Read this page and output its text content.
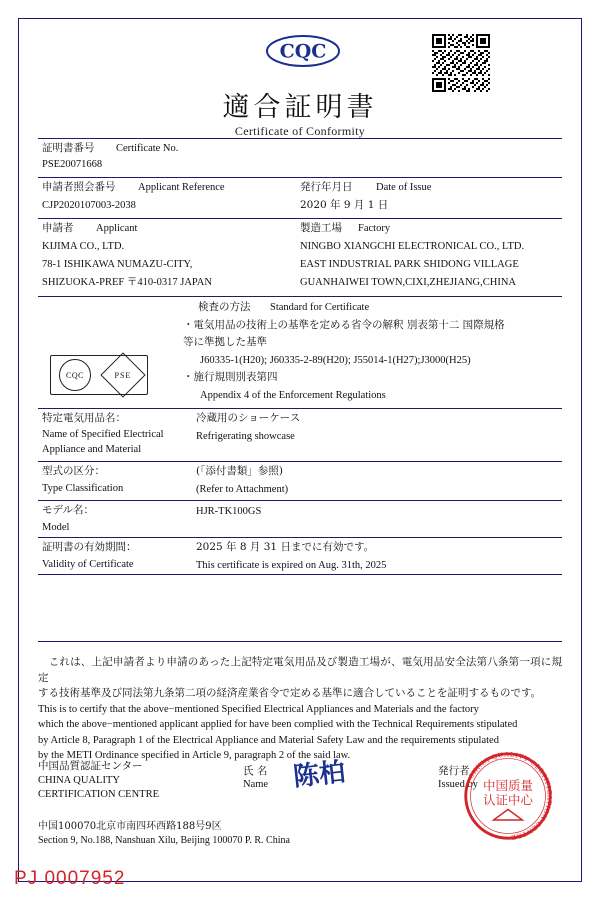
CQC
適合証明書
Certificate of Conformity
証明書番号 Certificate No.
PSE20071668
申請者照会番号 Applicant Reference
CJP2020107003-2038
発行年月日 Date of Issue
2020 年 9 月 1 日
申請者 Applicant
KIJIMA CO., LTD.
78-1 ISHIKAWA NUMAZU-CITY,
SHIZUOKA-PREF 〒410-0317 JAPAN
製造工場 Factory
NINGBO XIANGCHI ELECTRONICAL CO., LTD.
EAST INDUSTRIAL PARK SHIDONG VILLAGE
GUANHAIWEI TOWN,CIXI,ZHEJIANG,CHINA
検査の方法 Standard for Certificate
・電気用品の技術上の基準を定める省令の解釈 別表第十二 国際規格
等に準拠した基準
J60335-1(H20); J60335-2-89(H20); J55014-1(H27);J3000(H25)
・施行規則別表第四
Appendix 4 of the Enforcement Regulations
CQC	PSE
特定電気用品名：
Name of Specified Electrical
Appliance and Material
冷蔵用のショーケース
Refrigerating showcase
型式の区分：
Type Classification
(「添付書類」参照)
(Refer to Attachment)
モデル名：
Model
HJR-TK100GS
証明書の有効期間：
Validity of Certificate
2025 年 8 月 31 日までに有効です。
This certificate is expired on Aug. 31th, 2025
　これは、上記申請者より申請のあった上記特定電気用品及び製造工場が、電気用品安全法第八条第一項に規定
する技術基準及び同法第九条第二項の経済産業省令で定める基準に適合していることを証明するものです。
This is to certify that the above−mentioned Specified Electrical Appliances and Materials and the factory
which the above−mentioned applicant applied for have been complied with the Technical Requirements stipulated
by Article 8, Paragraph 1 of the Electrical Appliance and Material Safety Law and the requirements stipulated
by the METI Ordinance specified in Article 9, paragraph 2 of the said law.
中国品質認証センター
CHINA QUALITY
CERTIFICATION CENTRE
氏 名
Name 陈柏	発行者
Issued by
CHINA QUALITY CERTIFICATION CENTRE
中国质量
认证中心
中国100070北京市南四环西路188号9区
Section 9, No.188, Nanshuan Xilu, Beijing 100070 P. R. China
PJ 0007952
